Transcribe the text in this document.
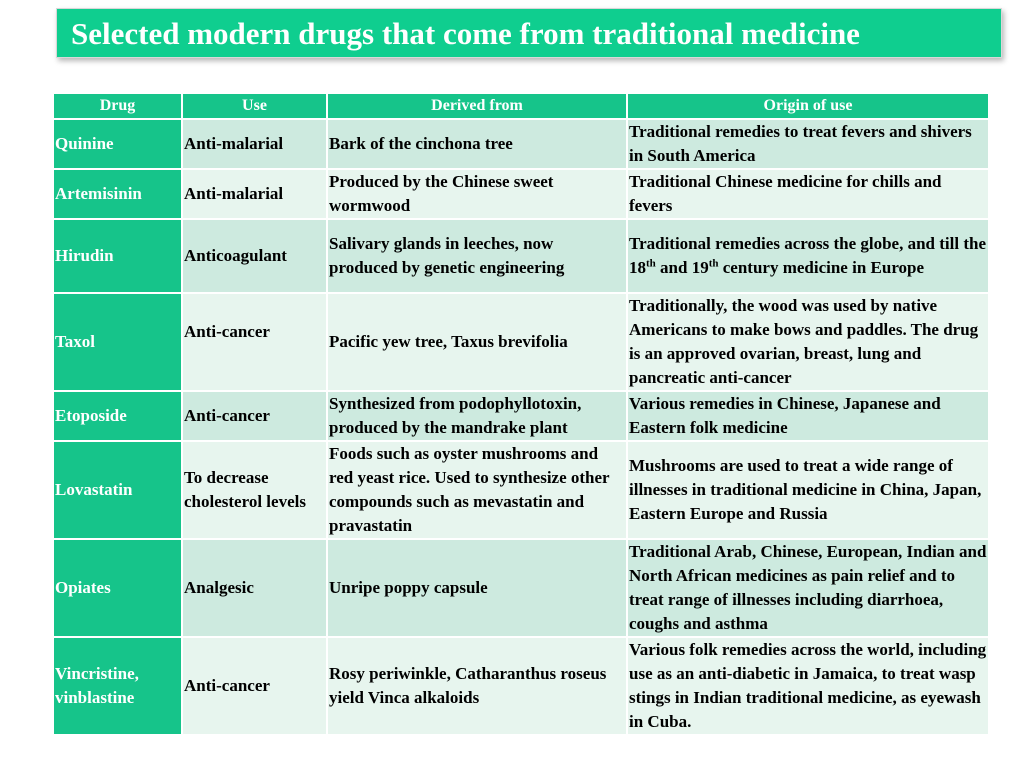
Selected modern drugs that come from traditional medicine
Drug	Use	Derived from	Origin of use
Quinine	Anti-malarial	Bark of the cinchona tree	Traditional remedies to treat fevers and shivers in South America
Artemisinin	Anti-malarial	Produced by the Chinese sweet wormwood	Traditional Chinese medicine for chills and fevers
Hirudin	Anticoagulant	Salivary glands in leeches, now produced by genetic engineering	Traditional remedies across the globe, and till the 18th and 19th century medicine in Europe
Taxol	Anti-cancer	Pacific yew tree, Taxus brevifolia	Traditionally, the wood was used by native Americans to make bows and paddles. The drug is an approved ovarian, breast, lung and pancreatic anti-cancer
Etoposide	Anti-cancer	Synthesized from podophyllotoxin, produced by the mandrake plant	Various remedies in Chinese, Japanese and Eastern folk medicine
Lovastatin	To decrease cholesterol levels	Foods such as oyster mushrooms and red yeast rice. Used to synthesize other compounds such as mevastatin and pravastatin	Mushrooms are used to treat a wide range of illnesses in traditional medicine in China, Japan, Eastern Europe and Russia
Opiates	Analgesic	Unripe poppy capsule	Traditional Arab, Chinese, European, Indian and North African medicines as pain relief and to treat range of illnesses including diarrhoea, coughs and asthma
Vincristine, vinblastine	Anti-cancer	Rosy periwinkle, Catharanthus roseus yield Vinca alkaloids	Various folk remedies across the world, including use as an anti-diabetic in Jamaica, to treat wasp stings in Indian traditional medicine, as eyewash in Cuba.
